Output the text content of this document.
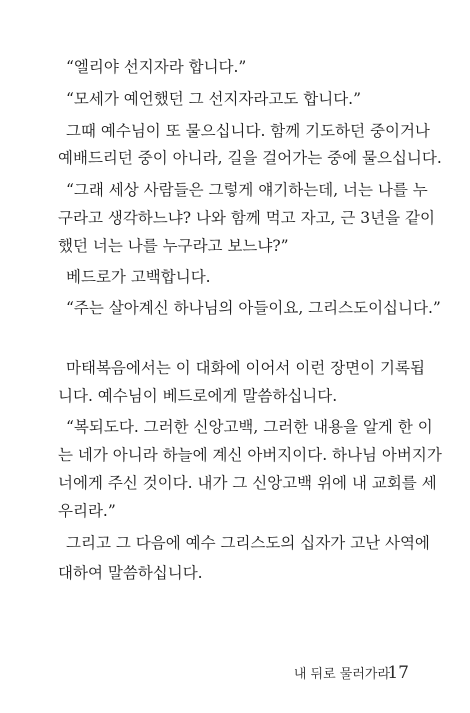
“엘리야 선지자라 합니다.”
“모세가 예언했던 그 선지자라고도 합니다.”
그때 예수님이 또 물으십니다. 함께 기도하던 중이거나
예배드리던 중이 아니라, 길을 걸어가는 중에 물으십니다.
“그래 세상 사람들은 그렇게 얘기하는데, 너는 나를 누
구라고 생각하느냐? 나와 함께 먹고 자고, 근 3년을 같이
했던 너는 나를 누구라고 보느냐?”
베드로가 고백합니다.
“주는 살아계신 하나님의 아들이요, 그리스도이십니다.”
마태복음에서는 이 대화에 이어서 이런 장면이 기록됩
니다. 예수님이 베드로에게 말씀하십니다.
“복되도다. 그러한 신앙고백, 그러한 내용을 알게 한 이
는 네가 아니라 하늘에 계신 아버지이다. 하나님 아버지가
너에게 주신 것이다. 내가 그 신앙고백 위에 내 교회를 세
우리라.”
그리고 그 다음에 예수 그리스도의 십자가 고난 사역에
대하여 말씀하십니다.
내 뒤로 물러가라
17
